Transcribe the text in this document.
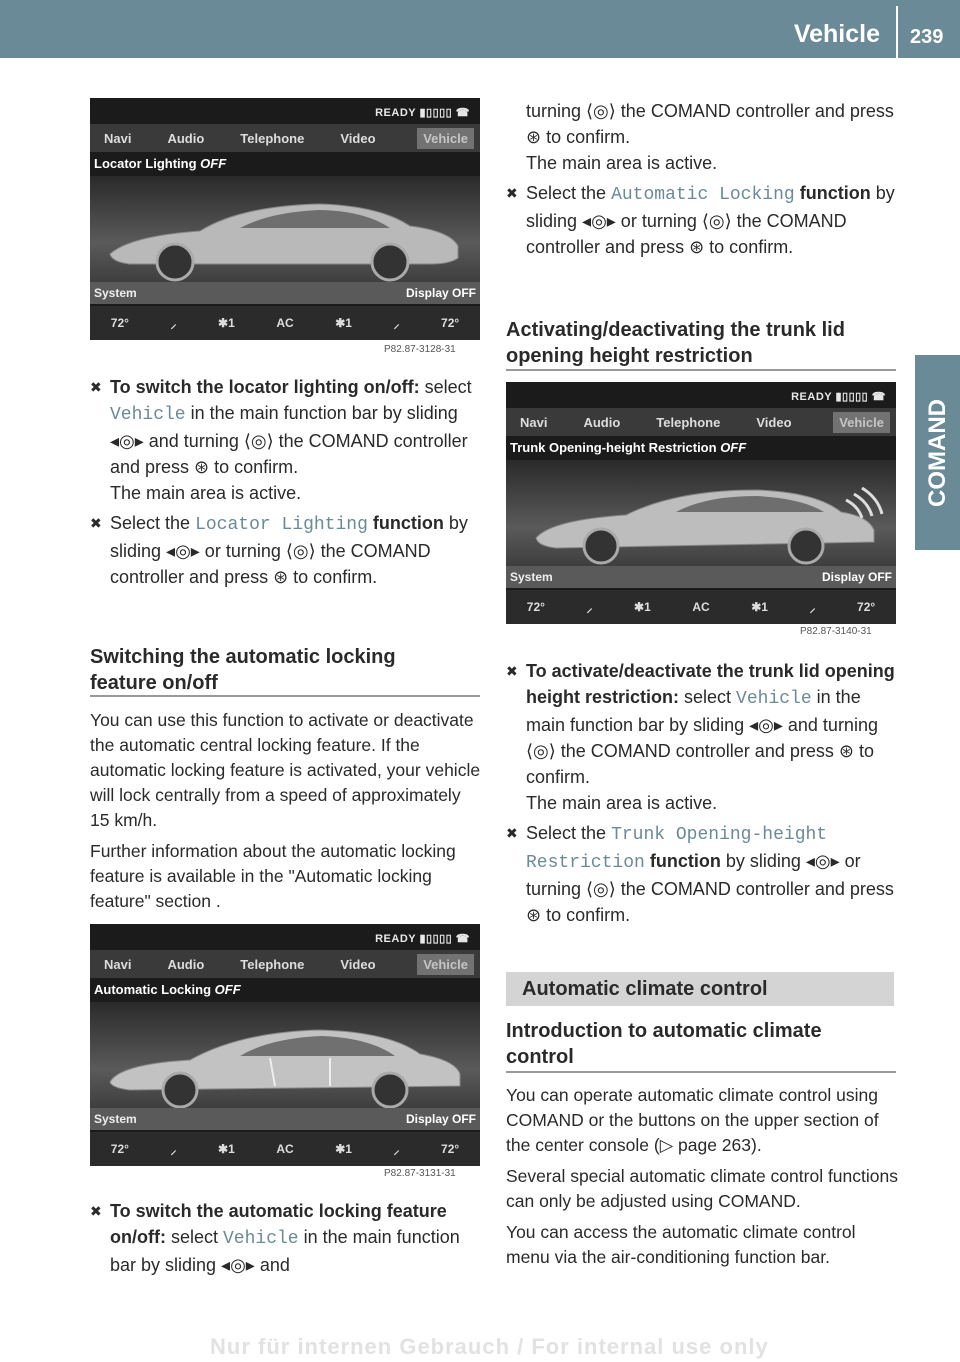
Vehicle 239
COMAND
READY ▮▯▯▯▯ ☎
Navi	Audio	Telephone	Video	Vehicle
Locator Lighting OFF
System	Display OFF
72°	⸝	✱1	AC	✱1	⸝	72°
P82.87-3128-31

✖ To switch the locator lighting on/off: select Vehicle in the main function bar by sliding ◂◎▸ and turning ⟨◎⟩ the COMAND controller and press ⊛ to confirm.

The main area is active.

✖ Select the Locator Lighting function by sliding ◂◎▸ or turning ⟨◎⟩ the COMAND controller and press ⊛ to confirm.

Switching the automatic locking feature on/off

You can use this function to activate or deactivate the automatic central locking feature. If the automatic locking feature is activated, your vehicle will lock centrally from a speed of approximately 15 km/h.

Further information about the automatic locking feature is available in the "Automatic locking feature" section .

READY ▮▯▯▯▯ ☎
Navi	Audio	Telephone	Video	Vehicle
Automatic Locking OFF
System	Display OFF
72°	⸝	✱1	AC	✱1	⸝	72°
P82.87-3131-31

✖ To switch the automatic locking feature on/off: select Vehicle in the main function bar by sliding ◂◎▸ and

turning ⟨◎⟩ the COMAND controller and press ⊛ to confirm.

The main area is active.

✖ Select the Automatic Locking function by sliding ◂◎▸ or turning ⟨◎⟩ the COMAND controller and press ⊛ to confirm.

Activating/deactivating the trunk lid opening height restriction
READY ▮▯▯▯▯ ☎
Navi	Audio	Telephone	Video	Vehicle
Trunk Opening-height Restriction OFF
System	Display OFF
72°	⸝	✱1	AC	✱1	⸝	72°
P82.87-3140-31

✖ To activate/deactivate the trunk lid opening height restriction: select Vehicle in the main function bar by sliding ◂◎▸ and turning ⟨◎⟩ the COMAND controller and press ⊛ to confirm.

The main area is active.

✖ Select the Trunk Opening-height Restriction function by sliding ◂◎▸ or turning ⟨◎⟩ the COMAND controller and press ⊛ to confirm.

Automatic climate control
Introduction to automatic climate control

You can operate automatic climate control using COMAND or the buttons on the upper section of the center console (▷ page 263).

Several special automatic climate control functions can only be adjusted using COMAND.

You can access the automatic climate control menu via the air-conditioning function bar.

Nur für internen Gebrauch / For internal use only
